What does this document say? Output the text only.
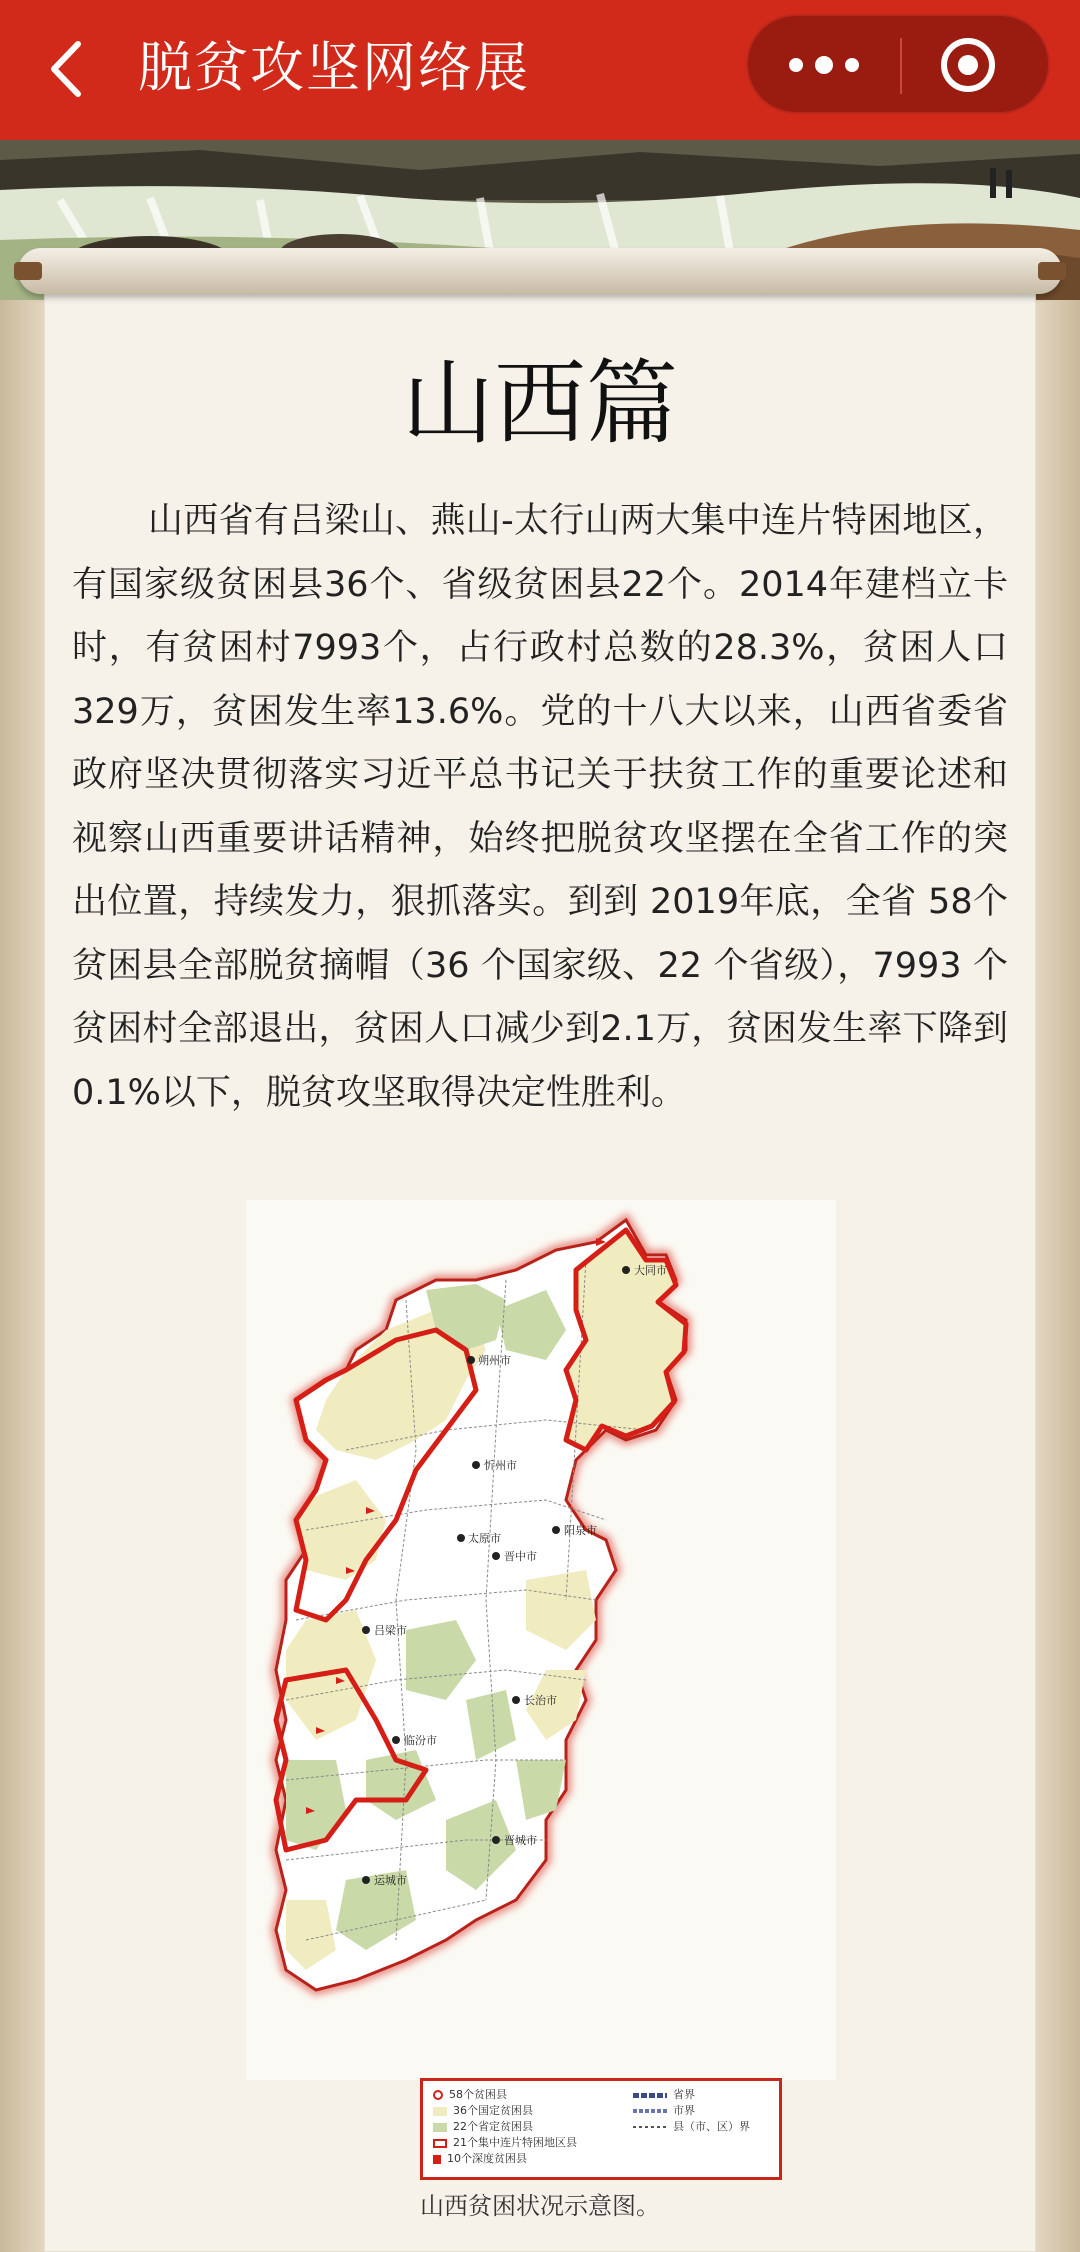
脱贫攻坚网络展
山西篇

山西省有吕梁山、燕山-太行山两大集中连片特困地区，有国家级贫困县36个、省级贫困县22个。2014年建档立卡时，有贫困村7993个，占行政村总数的28.3%，贫困人口329万，贫困发生率13.6%。党的十八大以来，山西省委省政府坚决贯彻落实习近平总书记关于扶贫工作的重要论述和视察山西重要讲话精神，始终把脱贫攻坚摆在全省工作的突出位置，持续发力，狠抓落实。到到 2019年底，全省 58个贫困县全部脱贫摘帽（36 个国家级、22 个省级），7993 个贫困村全部退出，贫困人口减少到2.1万，贫困发生率下降到0.1%以下，脱贫攻坚取得决定性胜利。

大同市
朔州市
忻州市
太原市
阳泉市
晋中市
吕梁市
长治市
临汾市
晋城市
运城市
58个贫困县
36个国定贫困县
22个省定贫困县
21个集中连片特困地区县
10个深度贫困县
省界
市界
县（市、区）界
山西贫困状况示意图。
